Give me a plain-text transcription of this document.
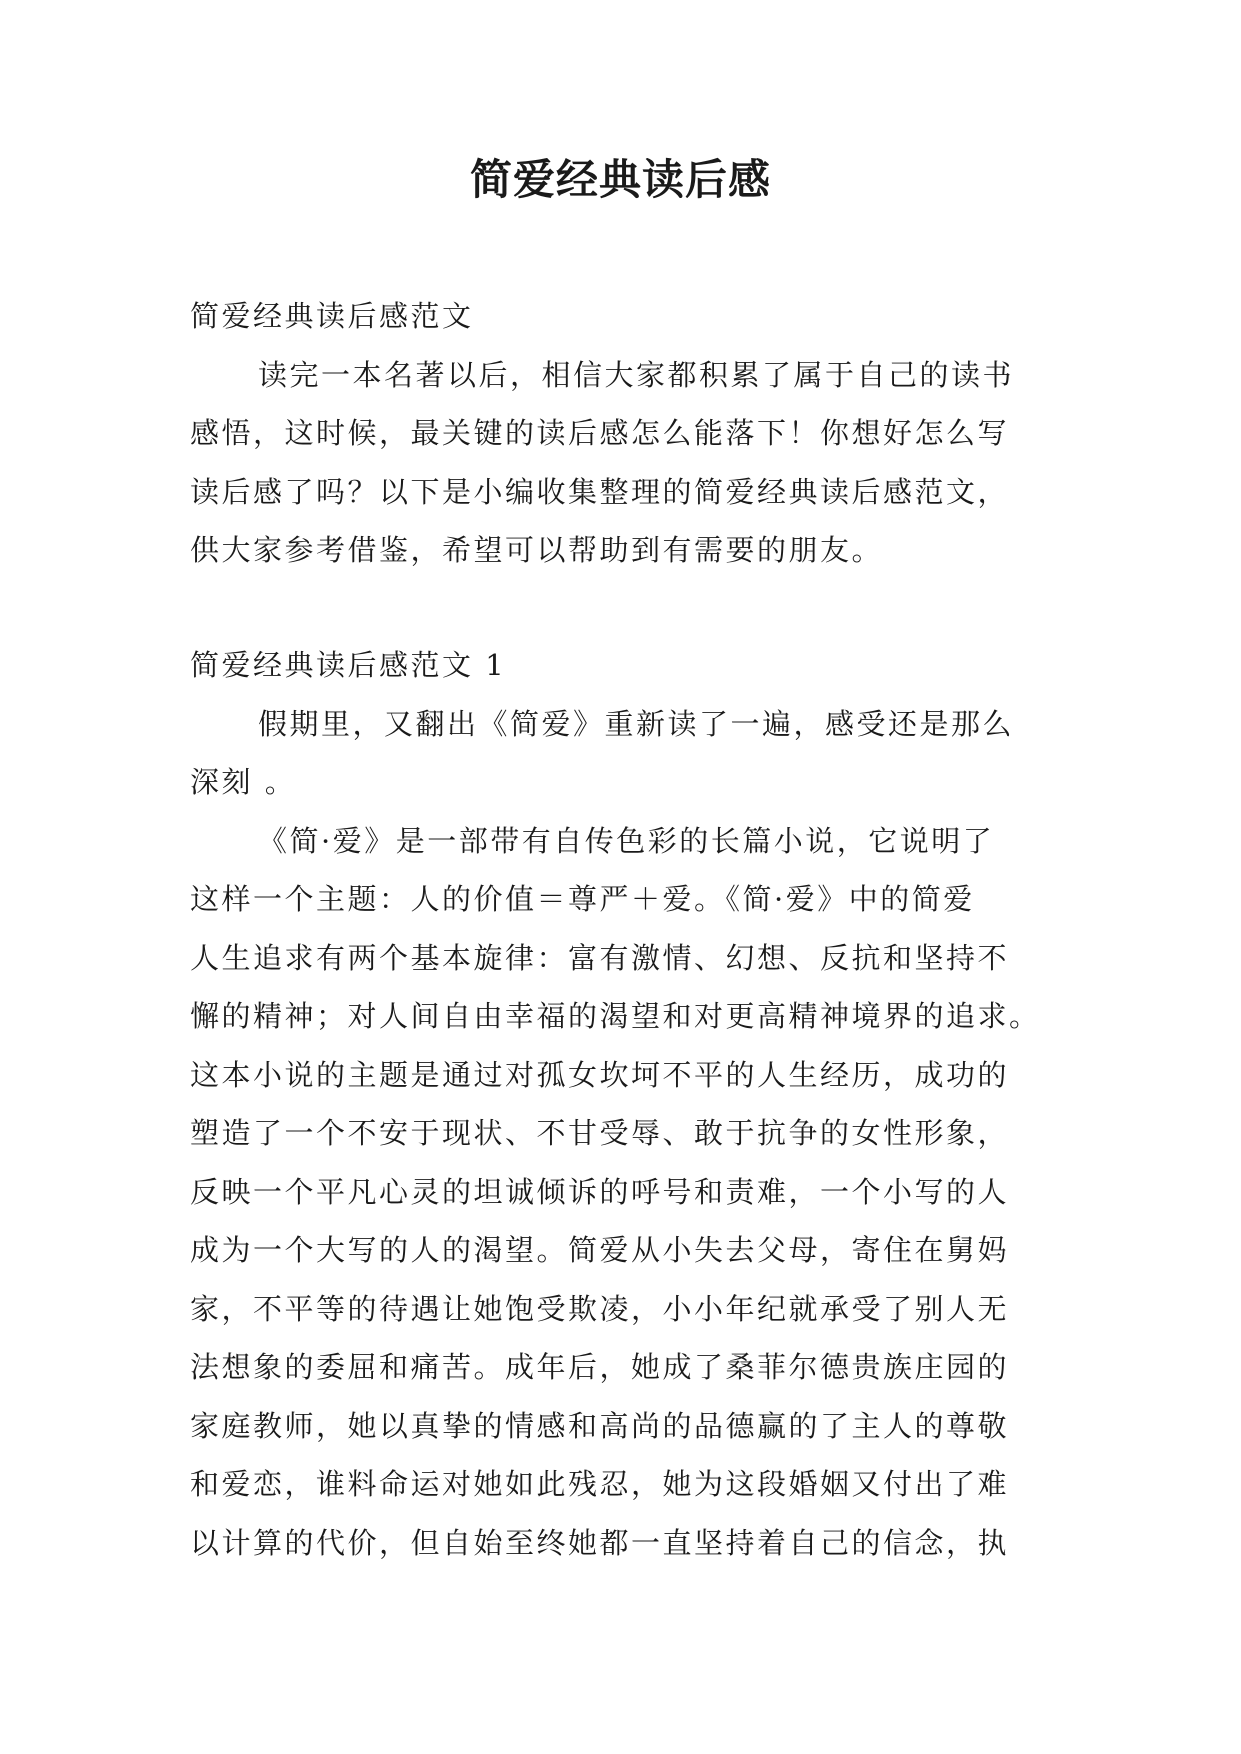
简爱经典读后感
简爱经典读后感范文
读完一本名著以后，相信大家都积累了属于自己的读书
感悟，这时候，最关键的读后感怎么能落下！你想好怎么写
读后感了吗？以下是小编收集整理的简爱经典读后感范文，
供大家参考借鉴，希望可以帮助到有需要的朋友。
简爱经典读后感范文 1
假期里，又翻出《简爱》重新读了一遍，感受还是那么
深刻 。
《简·爱》是一部带有自传色彩的长篇小说，它说明了
这样一个主题：人的价值＝尊严＋爱。《简·爱》中的简爱
人生追求有两个基本旋律：富有激情、幻想、反抗和坚持不
懈的精神；对人间自由幸福的渴望和对更高精神境界的追求。
这本小说的主题是通过对孤女坎坷不平的人生经历，成功的
塑造了一个不安于现状、不甘受辱、敢于抗争的女性形象，
反映一个平凡心灵的坦诚倾诉的呼号和责难，一个小写的人
成为一个大写的人的渴望。简爱从小失去父母，寄住在舅妈
家，不平等的待遇让她饱受欺凌，小小年纪就承受了别人无
法想象的委屈和痛苦。成年后，她成了桑菲尔德贵族庄园的
家庭教师，她以真挚的情感和高尚的品德赢的了主人的尊敬
和爱恋，谁料命运对她如此残忍，她为这段婚姻又付出了难
以计算的代价，但自始至终她都一直坚持着自己的信念，执
